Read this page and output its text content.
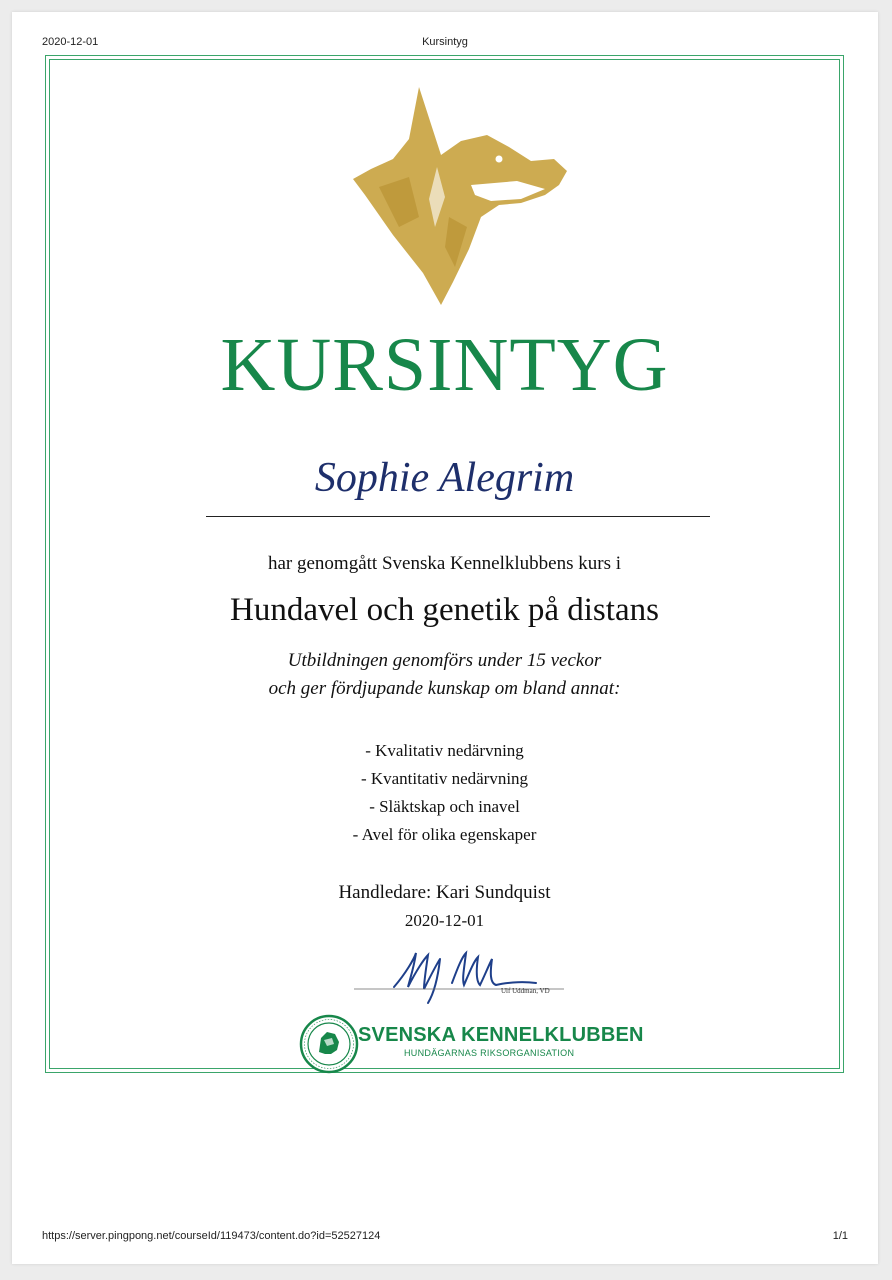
2020-12-01	Kursintyg
KURSINTYG
Sophie Alegrim
har genomgått Svenska Kennelklubbens kurs i
Hundavel och genetik på distans
Utbildningen genomförs under 15 veckor
och ger fördjupande kunskap om bland annat:
- Kvalitativ nedärvning
- Kvantitativ nedärvning
- Släktskap och inavel
- Avel för olika egenskaper
Handledare: Kari Sundquist
2020-12-01
Ulf Uddman, VD
SVENSKA KENNELKLUBBEN
HUNDÄGARNAS RIKSORGANISATION
https://server.pingpong.net/courseId/119473/content.do?id=52527124	1/1
